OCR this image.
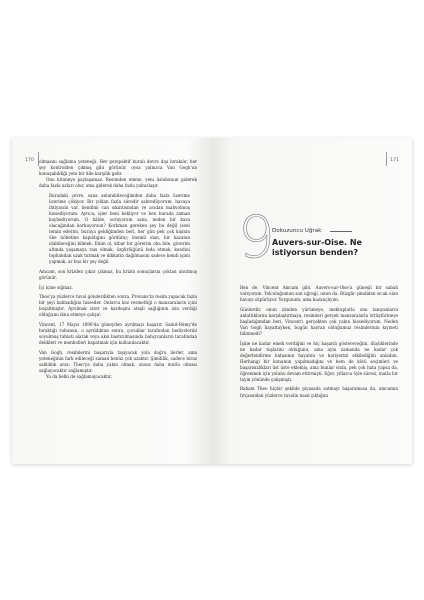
170 olmasını sağlama yeteneği. Her perspektif kuralı devre dışı bırakılır, her şey kontrolden çıkmış gibi görünür, oysa yalnızca Van Gogh'un konuşabildiği yeni bir dile karşılık gelir.

Onu kitaneye paylaşamaz. Resimden emme, yeni üslubunun giderek daha fazla uzları olur, ama giderek daha fazla yalnızlaşır.

Buradaki çevre, sana anlatabileceğimden daha fazla üzerime üzerime çökiyor. Bir yıldan fazla süredir sabredüyorum; havaya ihtiyacım var, kendimi can sıkıntısından ve acıdan mahvolmuş hissediyorum. Ayrıca, işler beni bekliyor ve ben burada zaman kaybediyorum. O hâlde, soruyorum sana, neden bir kaza olacağından korkuyorsun? Korkman gereken şey bu değil (seni temin ederim, buraya geldiğimden beri, her gün pek çok kişinin öbe nöbetine kapıldığını gördüm); önemli olan, bir kazanın olabileceğini bilmek. Emin ol, kibar bir görerim oba bile, görerim altında yaşamaya razı olmak, özgürlüğünü feda etmek, kendini toplumdan uzak tutmak ve dikkatin dağılmasını sadece kendi işimi yapmak, ar bus bir şey değil.

Amcam, son krizden çıkar çıkmaz, bu krizin sonuçlarını çoktan unutmuş görünür.

İçi içine sığmaz.

Theo'ya yüzlerce tuval gönderdikten sonra, Provans'ta resim yapacak fazla bir şeyi kalmadığını hisseder. Onlarca kez resmettiği o manzaraların içini boşaltmıştır. Ayrılmak ister ve kardeşini ateşli sağlığının izin verdiği olduğunu ikna etmeye çalışır:

Vincent, 17 Mayıs 1890'da güneyden ayrılmayı başarır. Sainit-Rémy'de bıraktığı ruhunun, o ayrıldıktan sonra, çocuklar tarafından hediyelerini soyulmuş tabiatı alarak veya aksi bastırılmasında bahçıvanların tarafından delikleri ve menholleri kapatmak için kullanılacaktır.

Van Gogh, resimlerini başarıyla taşıyacak yola doğru ilerler, ama yeteneğinin fark edileceği zaman henüz çok uzaktır. Şimdilik, sadece biraz saklıklık arar: Theo'ya daha yakın olmak, onsuz daha mutlu olması sağlayacaktır sağlamıştır.

Ya da belki de sağlamayacaktır.

171
9
Dokuzuncu Uğrak
Auvers-sur-Oise. Ne istiyorsun benden?

Ben de, Vincent Amcam gibi, Auvers-sur-Oise'a güneşli bir sabah varıyorum. Yolculuğumun son uğrağı, onun da. Rüzgâr şimdiden sıcak olan havayı süpürüyor. Yorgunum, ama kazançlıyım.

Günlerdir, onun izinden yürümeye, mektuplarla onu tanıyanların anlattıklarını karşılaştırmaya, resimleri gerçek manzaralarla örtüştürmeye başladığımdan beri, Vincent'ı gerçekten çok yakın hissediyorum. Neden Van Gogh hayattayken, bugün hayran olduğumuz resimlerinin kıymeti bilinmedi?

İşine ne kadar emek verdiğini ve hiç başarılı göstereceğini, düşüklerinde ne kadar tuşlarını olduğunu, ama aynı zamanda ne kadar çok değerlendirme hatasının hayatını ve kariyerini etkilediğini anladım. Herhangi bir konunun yapılmadığını ve hem de kötü seçimleri ve başarısızlıkları üst üste eklemiş, ama bunlar onda, pek çok hata yapsa da, öğrenmek için yolunu devam ettirmişti. Eğer, yıllarca öyle süresi, inatla bir tayin yönünde çalışmıştı.

Babam Theo hiçbir şekilde piyasada satmayı başaramasa da, amcamın fırçasından yüzlerce tuvalin nasıl çıktığını
